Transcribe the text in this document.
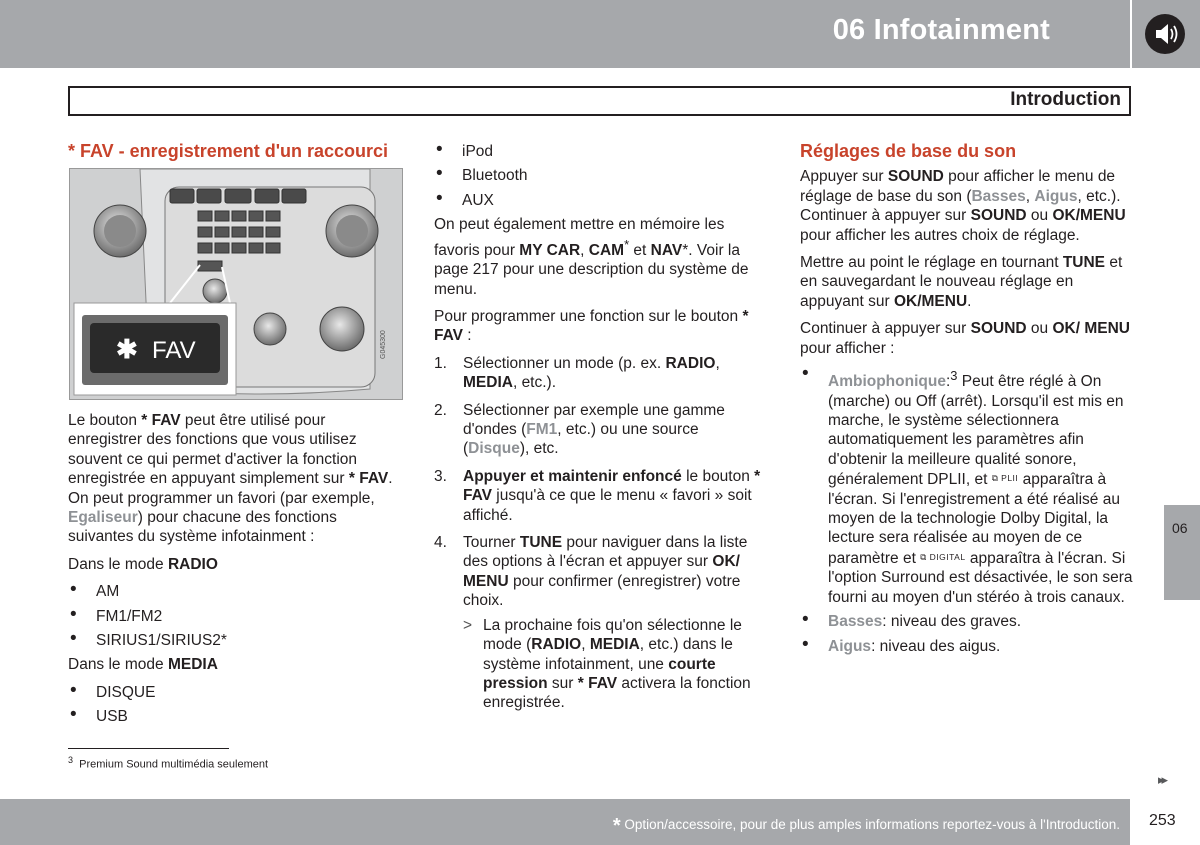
06 Infotainment
Introduction
* FAV - enregistrement d'un raccourci
✱ FAV	G045300

Le bouton * FAV peut être utilisé pour enregistrer des fonctions que vous utilisez souvent ce qui permet d'activer la fonction enregistrée en appuyant simplement sur * FAV. On peut programmer un favori (par exemple, Egaliseur) pour chacune des fonctions suivantes du système infotainment :

Dans le mode RADIO

• AM
• FM1/FM2
• SIRIUS1/SIRIUS2*

Dans le mode MEDIA

• DISQUE
• USB
• iPod
• Bluetooth
• AUX

On peut également mettre en mémoire les favoris pour MY CAR, CAM* et NAV*. Voir la page 217 pour une description du système de menu.

Pour programmer une fonction sur le bouton * FAV :

1. Sélectionner un mode (p. ex. RADIO, MEDIA, etc.).
2. Sélectionner par exemple une gamme d'ondes (FM1, etc.) ou une source (Disque), etc.
3. Appuyer et maintenir enfoncé le bouton * FAV jusqu'à ce que le menu « favori » soit affiché.
4. Tourner TUNE pour naviguer dans la liste des options à l'écran et appuyer sur OK/ MENU pour confirmer (enregistrer) votre choix.
> La prochaine fois qu'on sélectionne le mode (RADIO, MEDIA, etc.) dans le système infotainment, une courte pression sur * FAV activera la fonction enregistrée.
Réglages de base du son

Appuyer sur SOUND pour afficher le menu de réglage de base du son (Basses, Aigus, etc.). Continuer à appuyer sur SOUND ou OK/MENU pour afficher les autres choix de réglage.

Mettre au point le réglage en tournant TUNE et en sauvegardant le nouveau réglage en appuyant sur OK/MENU.

Continuer à appuyer sur SOUND ou OK/ MENU pour afficher :

• Ambiophonique:$^3$ Peut être réglé à On (marche) ou Off (arrêt). Lorsqu'il est mis en marche, le système sélectionnera automatiquement les paramètres afin d'obtenir la meilleure qualité sonore, généralement DPLII, et ⧉ PLII apparaîtra à l'écran. Si l'enregistrement a été réalisé au moyen de la technologie Dolby Digital, la lecture sera réalisée au moyen de ce paramètre et ⧉ DIGITAL apparaîtra à l'écran. Si l'option Surround est désactivée, le son sera fourni au moyen d'un stéréo à trois canaux.
• Basses: niveau des graves.
• Aigus: niveau des aigus.
$^3$ Premium Sound multimédia seulement
06
▸▸
* Option/accessoire, pour de plus amples informations reportez-vous à l'Introduction. 253
